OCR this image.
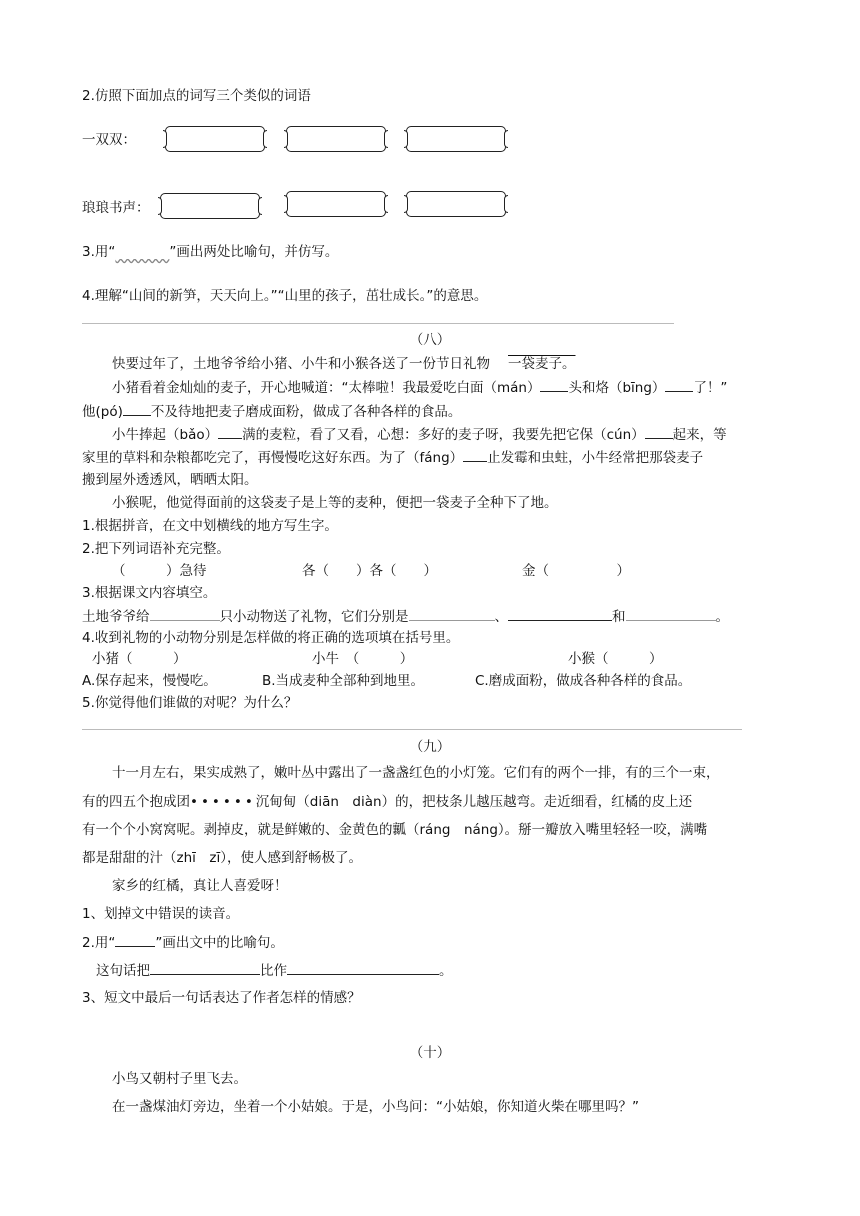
2.仿照下面加点的词写三个类似的词语
一双双：
琅琅书声：
3.用“________”画出两处比喻句，并仿写。
4.理解“山间的新笋，天天向上。”“山里的孩子，茁壮成长。”的意思。
（八）
快要过年了，土地爷爷给小猪、小牛和小猴各送了一份节日礼物 一袋麦子。
小猪看着金灿灿的麦子，开心地喊道：“太棒啦！我最爱吃白面（mán） 头和烙（bīng） 了！”
他(pó) 不及待地把麦子磨成面粉，做成了各种各样的食品。
小牛捧起（bǎo） 满的麦粒，看了又看，心想：多好的麦子呀，我要先把它保（cún） 起来，等
家里的草料和杂粮都吃完了，再慢慢吃这好东西。为了（fáng） 止发霉和虫蛀，小牛经常把那袋麦子
搬到屋外透透风，晒晒太阳。
小猴呢，他觉得面前的这袋麦子是上等的麦种，便把一袋麦子全种下了地。
1.根据拼音，在文中划横线的地方写生字。
2.把下列词语补充完整。
（　　　）急待	各（　　）各（　　）	金（　　　　　）
3.根据课文内容填空。
土地爷爷给	只小动物送了礼物，它们分别是	、	和	。
4.收到礼物的小动物分别是怎样做的将正确的选项填在括号里。
小猪（　　　）	小牛　（　　　）	小猴（　　　）
A.保存起来，慢慢吃。	B.当成麦种全部种到地里。	C.磨成面粉，做成各种各样的食品。
5.你觉得他们谁做的对呢？为什么？
（九）
十一月左右，果实成熟了，嫩叶丛中露出了一盏盏红色的小灯笼。它们有的两个一排，有的三个一束，
有的四五个抱成团••••••沉甸甸（diān　diàn）的，把枝条儿越压越弯。走近细看，红橘的皮上还
有一个个小窝窝呢。剥掉皮，就是鲜嫩的、金黄色的瓤（ráng　náng）。掰一瓣放入嘴里轻轻一咬，满嘴
都是甜甜的汁（zhī　zī），使人感到舒畅极了。
家乡的红橘，真让人喜爱呀！
1、划掉文中错误的读音。
2.用“	”画出文中的比喻句。
这句话把	比作	。
3、短文中最后一句话表达了作者怎样的情感？
（十）
小鸟又朝村子里飞去。
在一盏煤油灯旁边，坐着一个小姑娘。于是，小鸟问：“小姑娘，你知道火柴在哪里吗？”
